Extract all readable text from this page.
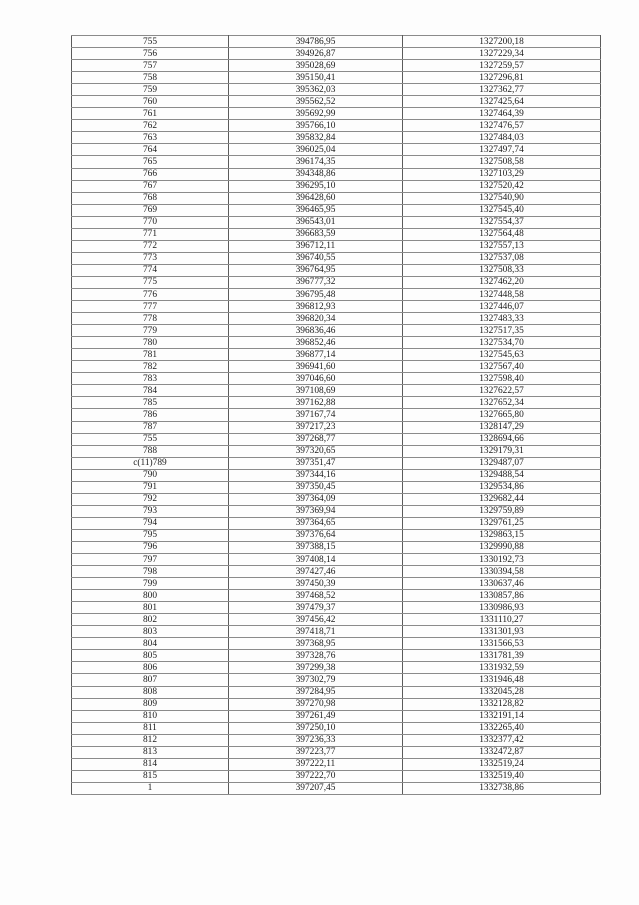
755	394786,95	1327200,18
756	394926,87	1327229,34
757	395028,69	1327259,57
758	395150,41	1327296,81
759	395362,03	1327362,77
760	395562,52	1327425,64
761	395692,99	1327464,39
762	395766,10	1327476,57
763	395832,84	1327484,03
764	396025,04	1327497,74
765	396174,35	1327508,58
766	394348,86	1327103,29
767	396295,10	1327520,42
768	396428,60	1327540,90
769	396465,95	1327545,40
770	396543,01	1327554,37
771	396683,59	1327564,48
772	396712,11	1327557,13
773	396740,55	1327537,08
774	396764,95	1327508,33
775	396777,32	1327462,20
776	396795,48	1327448,58
777	396812,93	1327446,07
778	396820,34	1327483,33
779	396836,46	1327517,35
780	396852,46	1327534,70
781	396877,14	1327545,63
782	396941,60	1327567,40
783	397046,60	1327598,40
784	397108,69	1327622,57
785	397162,88	1327652,34
786	397167,74	1327665,80
787	397217,23	1328147,29
755	397268,77	1328694,66
788	397320,65	1329179,31
c(11)789	397351,47	1329487,07
790	397344,16	1329488,54
791	397350,45	1329534,86
792	397364,09	1329682,44
793	397369,94	1329759,89
794	397364,65	1329761,25
795	397376,64	1329863,15
796	397388,15	1329990,88
797	397408,14	1330192,73
798	397427,46	1330394,58
799	397450,39	1330637,46
800	397468,52	1330857,86
801	397479,37	1330986,93
802	397456,42	1331110,27
803	397418,71	1331301,93
804	397368,95	1331566,53
805	397328,76	1331781,39
806	397299,38	1331932,59
807	397302,79	1331946,48
808	397284,95	1332045,28
809	397270,98	1332128,82
810	397261,49	1332191,14
811	397250,10	1332265,40
812	397236,33	1332377,42
813	397223,77	1332472,87
814	397222,11	1332519,24
815	397222,70	1332519,40
1	397207,45	1332738,86
